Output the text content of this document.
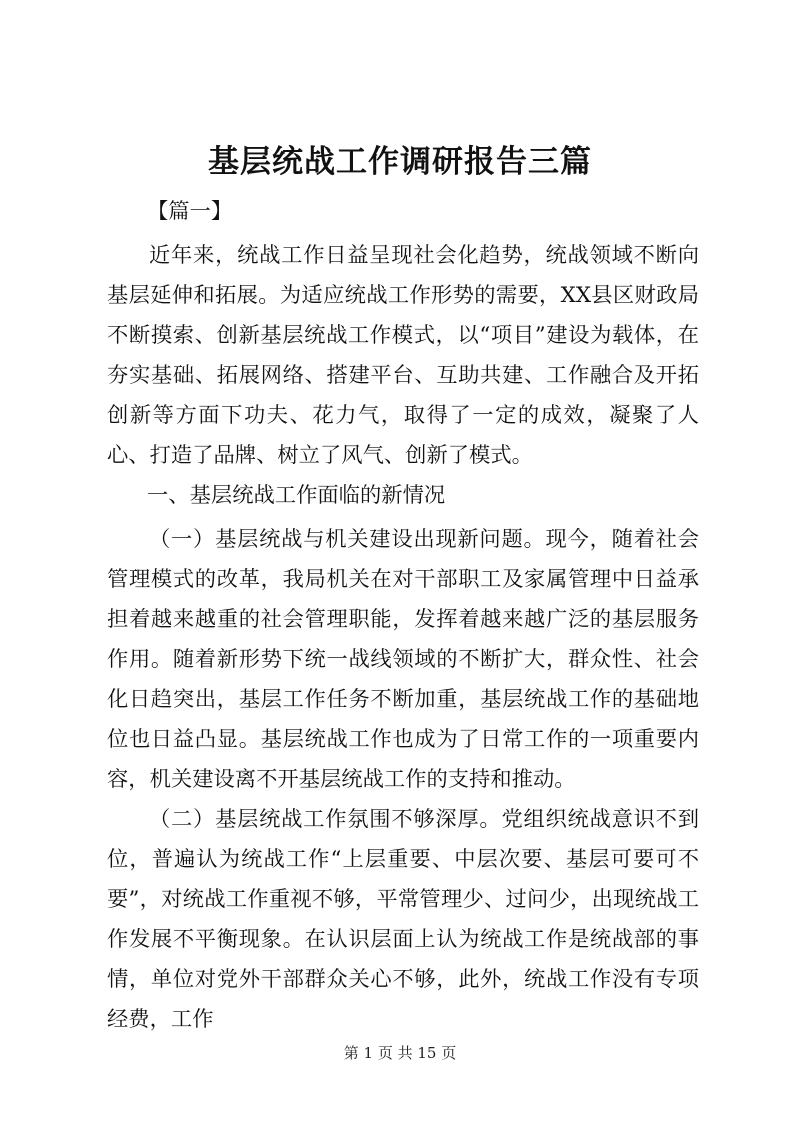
基层统战工作调研报告三篇

【篇一】

近年来，统战工作日益呈现社会化趋势，统战领域不断向基层延伸和拓展。为适应统战工作形势的需要，XX县区财政局不断摸索、创新基层统战工作模式，以“项目”建设为载体，在夯实基础、拓展网络、搭建平台、互助共建、工作融合及开拓创新等方面下功夫、花力气，取得了一定的成效，凝聚了人心、打造了品牌、树立了风气、创新了模式。

一、基层统战工作面临的新情况

（一）基层统战与机关建设出现新问题。现今，随着社会管理模式的改革，我局机关在对干部职工及家属管理中日益承担着越来越重的社会管理职能，发挥着越来越广泛的基层服务作用。随着新形势下统一战线领域的不断扩大，群众性、社会化日趋突出，基层工作任务不断加重，基层统战工作的基础地位也日益凸显。基层统战工作也成为了日常工作的一项重要内容，机关建设离不开基层统战工作的支持和推动。

（二）基层统战工作氛围不够深厚。党组织统战意识不到位，普遍认为统战工作“上层重要、中层次要、基层可要可不要”，对统战工作重视不够，平常管理少、过问少，出现统战工作发展不平衡现象。在认识层面上认为统战工作是统战部的事情，单位对党外干部群众关心不够，此外，统战工作没有专项经费，工作

第 1 页 共 15 页
